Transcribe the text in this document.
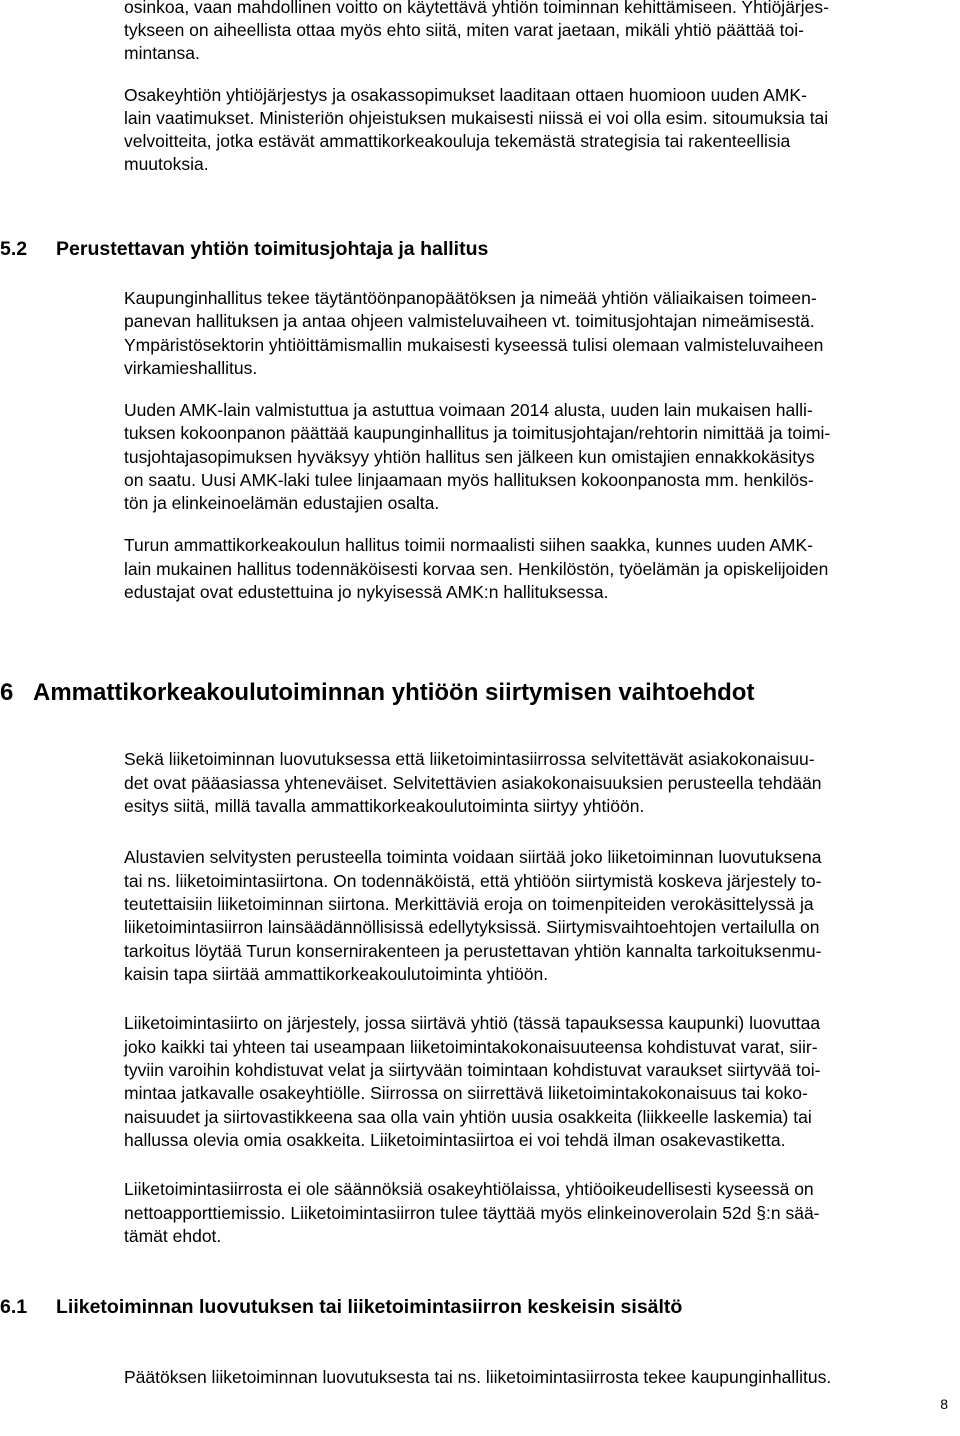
osinkoa, vaan mahdollinen voitto on käytettävä yhtiön toiminnan kehittämiseen. Yhtiöjärjes-
tykseen on aiheellista ottaa myös ehto siitä, miten varat jaetaan, mikäli yhtiö päättää toi-
mintansa.
Osakeyhtiön yhtiöjärjestys ja osakassopimukset laaditaan ottaen huomioon uuden AMK-
lain vaatimukset. Ministeriön ohjeistuksen mukaisesti niissä ei voi olla esim. sitoumuksia tai
velvoitteita, jotka estävät ammattikorkeakouluja tekemästä strategisia tai rakenteellisia
muutoksia.
5.2 Perustettavan yhtiön toimitusjohtaja ja hallitus
Kaupunginhallitus tekee täytäntöönpanopäätöksen ja nimeää yhtiön väliaikaisen toimeen-
panevan hallituksen ja antaa ohjeen valmisteluvaiheen vt. toimitusjohtajan nimeämisestä.
Ympäristösektorin yhtiöittämismallin mukaisesti kyseessä tulisi olemaan valmisteluvaiheen
virkamieshallitus.
Uuden AMK-lain valmistuttua ja astuttua voimaan 2014 alusta, uuden lain mukaisen halli-
tuksen kokoonpanon päättää kaupunginhallitus ja toimitusjohtajan/rehtorin nimittää ja toimi-
tusjohtajasopimuksen hyväksyy yhtiön hallitus sen jälkeen kun omistajien ennakkokäsitys
on saatu. Uusi AMK-laki tulee linjaamaan myös hallituksen kokoonpanosta mm. henkilös-
tön ja elinkeinoelämän edustajien osalta.
Turun ammattikorkeakoulun hallitus toimii normaalisti siihen saakka, kunnes uuden AMK-
lain mukainen hallitus todennäköisesti korvaa sen. Henkilöstön, työelämän ja opiskelijoiden
edustajat ovat edustettuina jo nykyisessä AMK:n hallituksessa.
6 Ammattikorkeakoulutoiminnan yhtiöön siirtymisen vaihtoehdot
Sekä liiketoiminnan luovutuksessa että liiketoimintasiirrossa selvitettävät asiakokonaisuu-
det ovat pääasiassa yhteneväiset. Selvitettävien asiakokonaisuuksien perusteella tehdään
esitys siitä, millä tavalla ammattikorkeakoulutoiminta siirtyy yhtiöön.
Alustavien selvitysten perusteella toiminta voidaan siirtää joko liiketoiminnan luovutuksena
tai ns. liiketoimintasiirtona. On todennäköistä, että yhtiöön siirtymistä koskeva järjestely to-
teutettaisiin liiketoiminnan siirtona. Merkittäviä eroja on toimenpiteiden verokäsittelyssä ja
liiketoimintasiirron lainsäädännöllisissä edellytyksissä. Siirtymisvaihtoehtojen vertailulla on
tarkoitus löytää Turun konsernirakenteen ja perustettavan yhtiön kannalta tarkoituksenmu-
kaisin tapa siirtää ammattikorkeakoulutoiminta yhtiöön.
Liiketoimintasiirto on järjestely, jossa siirtävä yhtiö (tässä tapauksessa kaupunki) luovuttaa
joko kaikki tai yhteen tai useampaan liiketoimintakokonaisuuteensa kohdistuvat varat, siir-
tyviin varoihin kohdistuvat velat ja siirtyvään toimintaan kohdistuvat varaukset siirtyvää toi-
mintaa jatkavalle osakeyhtiölle. Siirrossa on siirrettävä liiketoimintakokonaisuus tai koko-
naisuudet ja siirtovastikkeena saa olla vain yhtiön uusia osakkeita (liikkeelle laskemia) tai
hallussa olevia omia osakkeita. Liiketoimintasiirtoa ei voi tehdä ilman osakevastiketta.
Liiketoimintasiirrosta ei ole säännöksiä osakeyhtiölaissa, yhtiöoikeudellisesti kyseessä on
nettoapporttiemissio. Liiketoimintasiirron tulee täyttää myös elinkeinoverolain 52d §:n sää-
tämät ehdot.
6.1 Liiketoiminnan luovutuksen tai liiketoimintasiirron keskeisin sisältö
Päätöksen liiketoiminnan luovutuksesta tai ns. liiketoimintasiirrosta tekee kaupunginhallitus.
8
